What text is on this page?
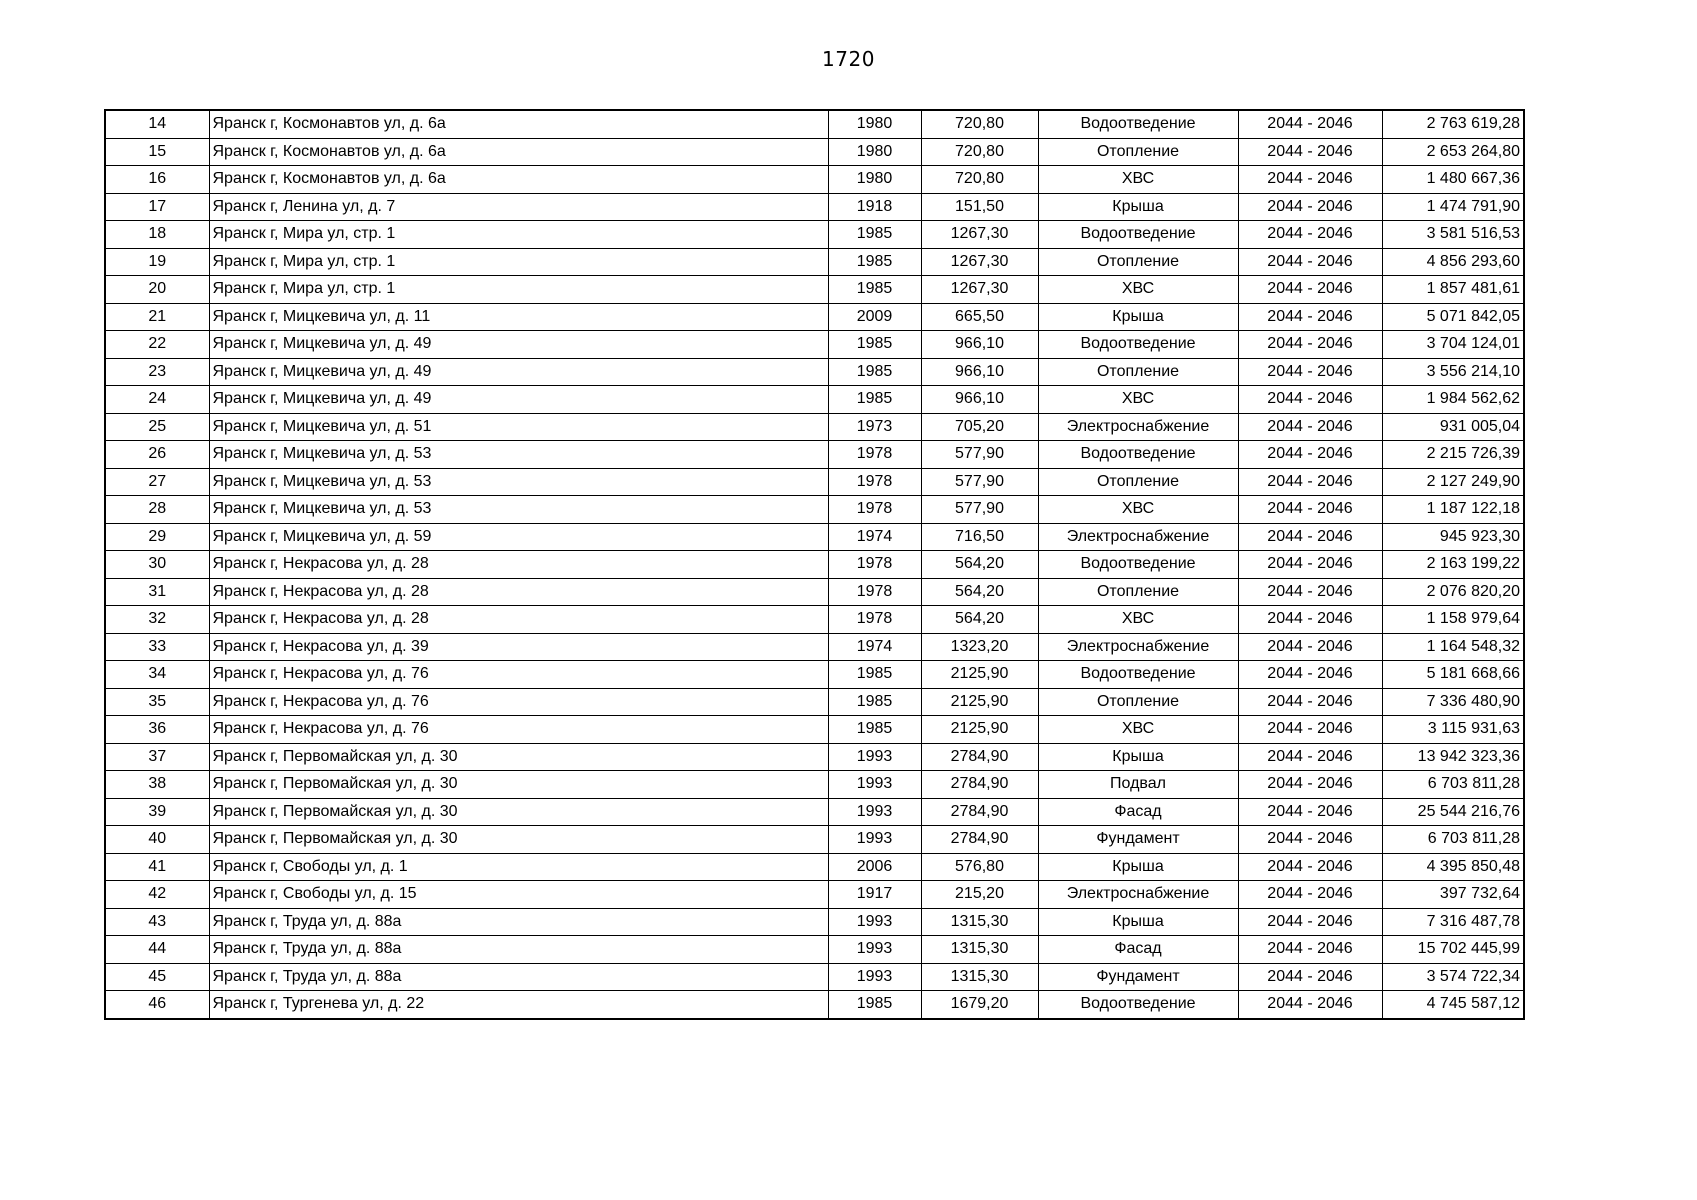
1720
14	Яранск г, Космонавтов ул, д. 6а	1980	720,80	Водоотведение	2044 - 2046	2 763 619,28
15	Яранск г, Космонавтов ул, д. 6а	1980	720,80	Отопление	2044 - 2046	2 653 264,80
16	Яранск г, Космонавтов ул, д. 6а	1980	720,80	ХВС	2044 - 2046	1 480 667,36
17	Яранск г, Ленина ул, д. 7	1918	151,50	Крыша	2044 - 2046	1 474 791,90
18	Яранск г, Мира ул, стр. 1	1985	1267,30	Водоотведение	2044 - 2046	3 581 516,53
19	Яранск г, Мира ул, стр. 1	1985	1267,30	Отопление	2044 - 2046	4 856 293,60
20	Яранск г, Мира ул, стр. 1	1985	1267,30	ХВС	2044 - 2046	1 857 481,61
21	Яранск г, Мицкевича ул, д. 11	2009	665,50	Крыша	2044 - 2046	5 071 842,05
22	Яранск г, Мицкевича ул, д. 49	1985	966,10	Водоотведение	2044 - 2046	3 704 124,01
23	Яранск г, Мицкевича ул, д. 49	1985	966,10	Отопление	2044 - 2046	3 556 214,10
24	Яранск г, Мицкевича ул, д. 49	1985	966,10	ХВС	2044 - 2046	1 984 562,62
25	Яранск г, Мицкевича ул, д. 51	1973	705,20	Электроснабжение	2044 - 2046	931 005,04
26	Яранск г, Мицкевича ул, д. 53	1978	577,90	Водоотведение	2044 - 2046	2 215 726,39
27	Яранск г, Мицкевича ул, д. 53	1978	577,90	Отопление	2044 - 2046	2 127 249,90
28	Яранск г, Мицкевича ул, д. 53	1978	577,90	ХВС	2044 - 2046	1 187 122,18
29	Яранск г, Мицкевича ул, д. 59	1974	716,50	Электроснабжение	2044 - 2046	945 923,30
30	Яранск г, Некрасова ул, д. 28	1978	564,20	Водоотведение	2044 - 2046	2 163 199,22
31	Яранск г, Некрасова ул, д. 28	1978	564,20	Отопление	2044 - 2046	2 076 820,20
32	Яранск г, Некрасова ул, д. 28	1978	564,20	ХВС	2044 - 2046	1 158 979,64
33	Яранск г, Некрасова ул, д. 39	1974	1323,20	Электроснабжение	2044 - 2046	1 164 548,32
34	Яранск г, Некрасова ул, д. 76	1985	2125,90	Водоотведение	2044 - 2046	5 181 668,66
35	Яранск г, Некрасова ул, д. 76	1985	2125,90	Отопление	2044 - 2046	7 336 480,90
36	Яранск г, Некрасова ул, д. 76	1985	2125,90	ХВС	2044 - 2046	3 115 931,63
37	Яранск г, Первомайская ул, д. 30	1993	2784,90	Крыша	2044 - 2046	13 942 323,36
38	Яранск г, Первомайская ул, д. 30	1993	2784,90	Подвал	2044 - 2046	6 703 811,28
39	Яранск г, Первомайская ул, д. 30	1993	2784,90	Фасад	2044 - 2046	25 544 216,76
40	Яранск г, Первомайская ул, д. 30	1993	2784,90	Фундамент	2044 - 2046	6 703 811,28
41	Яранск г, Свободы ул, д. 1	2006	576,80	Крыша	2044 - 2046	4 395 850,48
42	Яранск г, Свободы ул, д. 15	1917	215,20	Электроснабжение	2044 - 2046	397 732,64
43	Яранск г, Труда ул, д. 88а	1993	1315,30	Крыша	2044 - 2046	7 316 487,78
44	Яранск г, Труда ул, д. 88а	1993	1315,30	Фасад	2044 - 2046	15 702 445,99
45	Яранск г, Труда ул, д. 88а	1993	1315,30	Фундамент	2044 - 2046	3 574 722,34
46	Яранск г, Тургенева ул, д. 22	1985	1679,20	Водоотведение	2044 - 2046	4 745 587,12
